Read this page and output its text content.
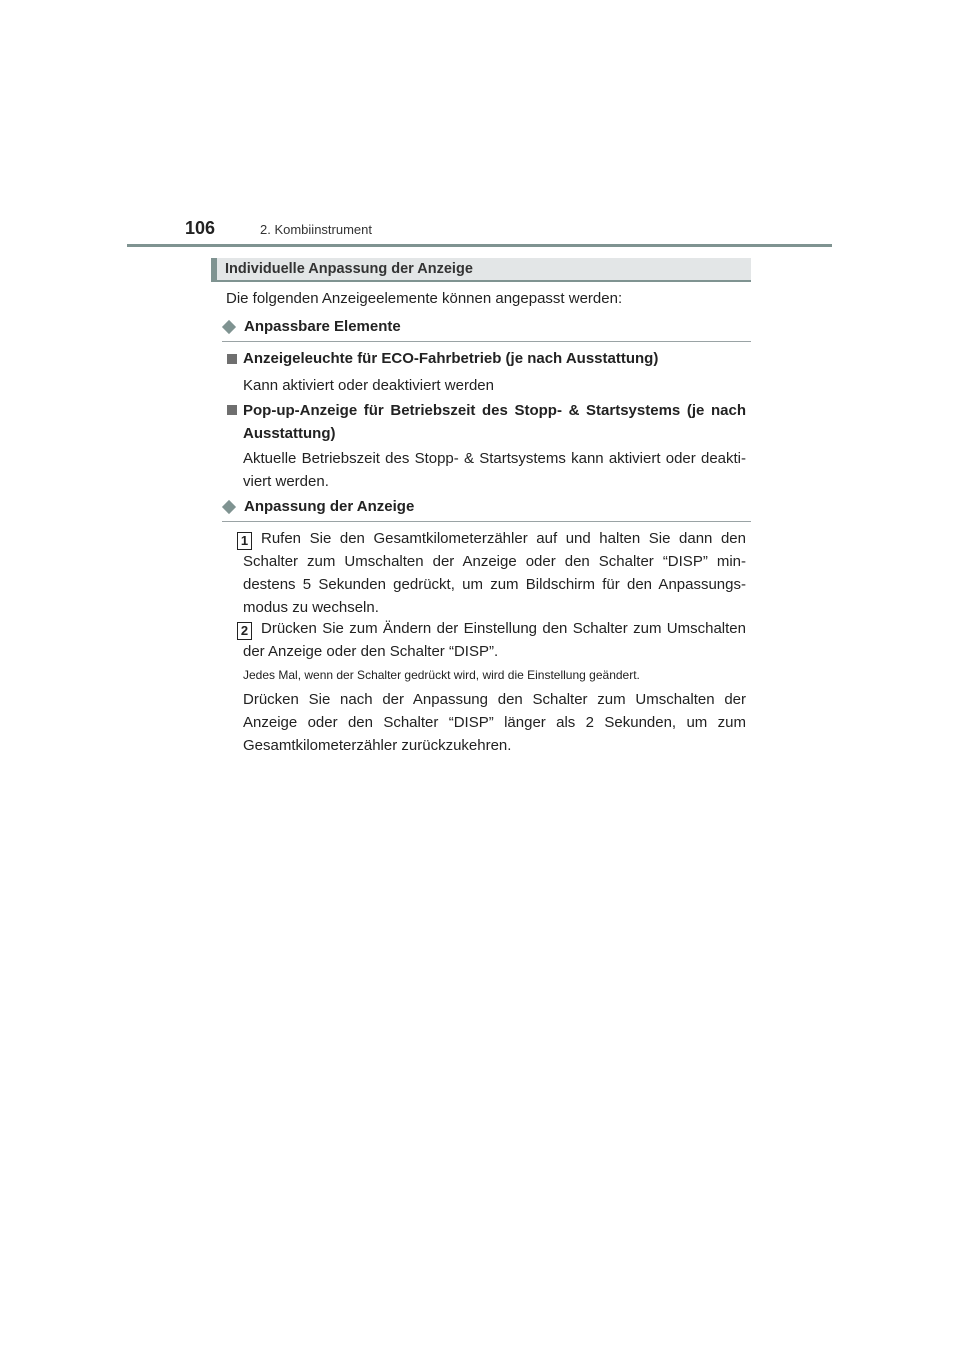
106	2. Kombiinstrument
Individuelle Anpassung der Anzeige
Die folgenden Anzeigeelemente können angepasst werden:
Anpassbare Elemente
Anzeigeleuchte für ECO-Fahrbetrieb (je nach Ausstattung)
Kann aktiviert oder deaktiviert werden
Pop-up-Anzeige für Betriebszeit des Stopp- & Startsystems (je nach
Ausstattung)
Aktuelle Betriebszeit des Stopp- & Startsystems kann aktiviert oder deakti-
viert werden.
Anpassung der Anzeige
1 Rufen Sie den Gesamtkilometerzähler auf und halten Sie dann den
Schalter zum Umschalten der Anzeige oder den Schalter “DISP” min-
destens 5 Sekunden gedrückt, um zum Bildschirm für den Anpassungs-
modus zu wechseln.
2 Drücken Sie zum Ändern der Einstellung den Schalter zum Umschalten
der Anzeige oder den Schalter “DISP”.
Jedes Mal, wenn der Schalter gedrückt wird, wird die Einstellung geändert.
Drücken Sie nach der Anpassung den Schalter zum Umschalten der
Anzeige oder den Schalter “DISP” länger als 2 Sekunden, um zum
Gesamtkilometerzähler zurückzukehren.
